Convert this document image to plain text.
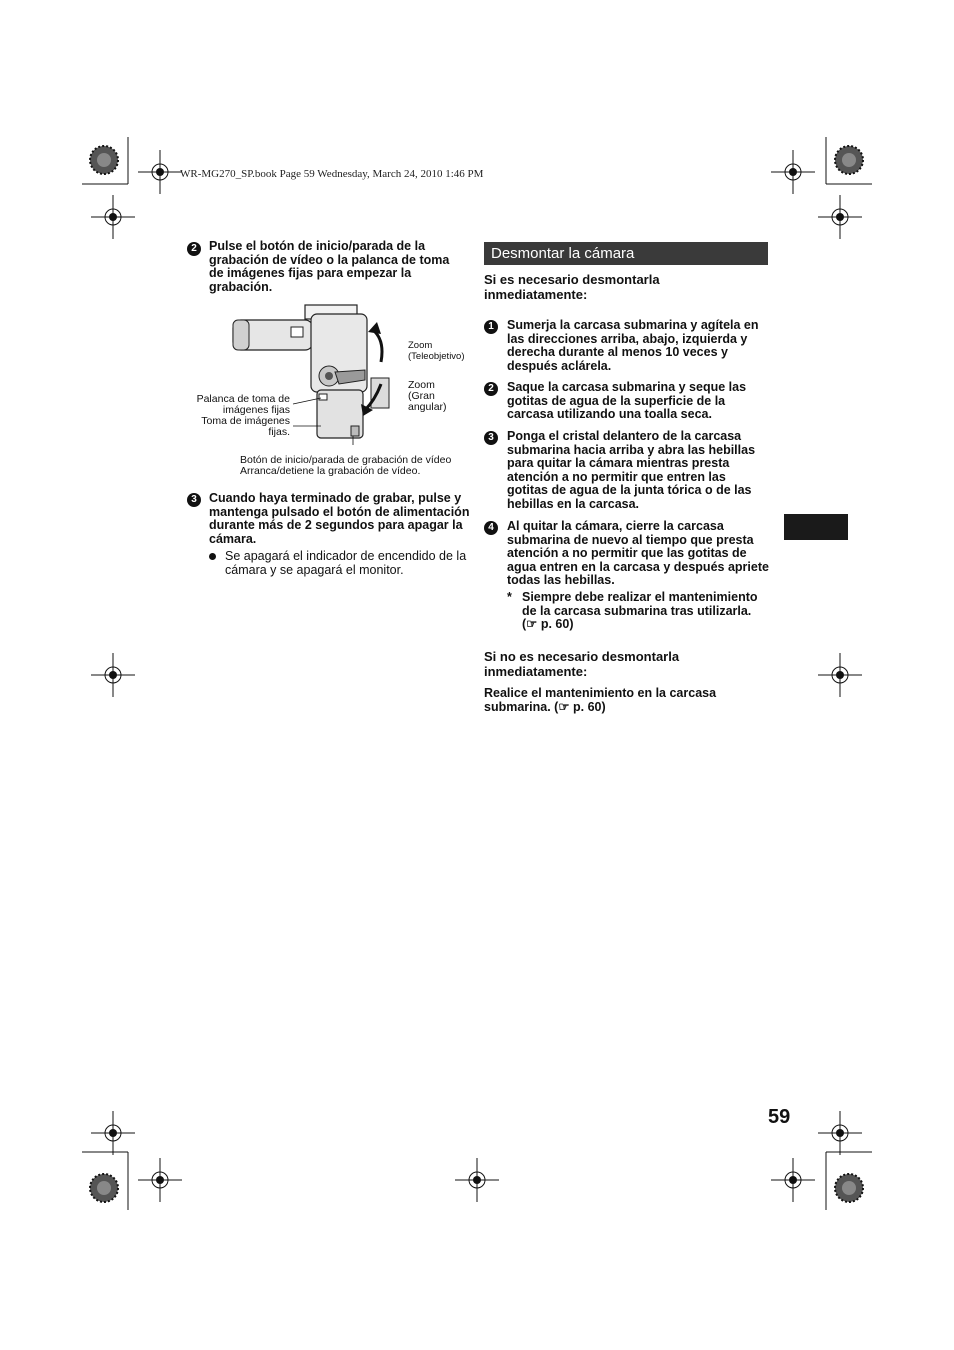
WR-MG270_SP.book Page 59 Wednesday, March 24, 2010 1:46 PM
2 Pulse el botón de inicio/parada de la grabación de vídeo o la palanca de toma de imágenes fijas para empezar la grabación.
Zoom
(Teleobjetivo)
Zoom
(Gran
angular)
Palanca de toma de
imágenes fijas
Toma de imágenes
fijas.
Botón de inicio/parada de grabación de vídeo
Arranca/detiene la grabación de vídeo.
3 Cuando haya terminado de grabar, pulse y mantenga pulsado el botón de alimentación durante más de 2 segundos para apagar la cámara.
Se apagará el indicador de encendido de la cámara y se apagará el monitor.
Desmontar la cámara
Si es necesario desmontarla inmediatamente:
1	Sumerja la carcasa submarina y agítela en las direcciones arriba, abajo, izquierda y derecha durante al menos 10 veces y después aclárela.
2	Saque la carcasa submarina y seque las gotitas de agua de la superficie de la carcasa utilizando una toalla seca.
3	Ponga el cristal delantero de la carcasa submarina hacia arriba y abra las hebillas para quitar la cámara mientras presta atención a no permitir que entren las gotitas de agua de la junta tórica o de las hebillas en la carcasa.
4	Al quitar la cámara, cierre la carcasa submarina de nuevo al tiempo que presta atención a no permitir que las gotitas de agua entren en la carcasa y después apriete todas las hebillas.
* Siempre debe realizar el mantenimiento de la carcasa submarina tras utilizarla. (☞ p. 60)
Si no es necesario desmontarla inmediatamente:
Realice el mantenimiento en la carcasa submarina. (☞ p. 60)
59
